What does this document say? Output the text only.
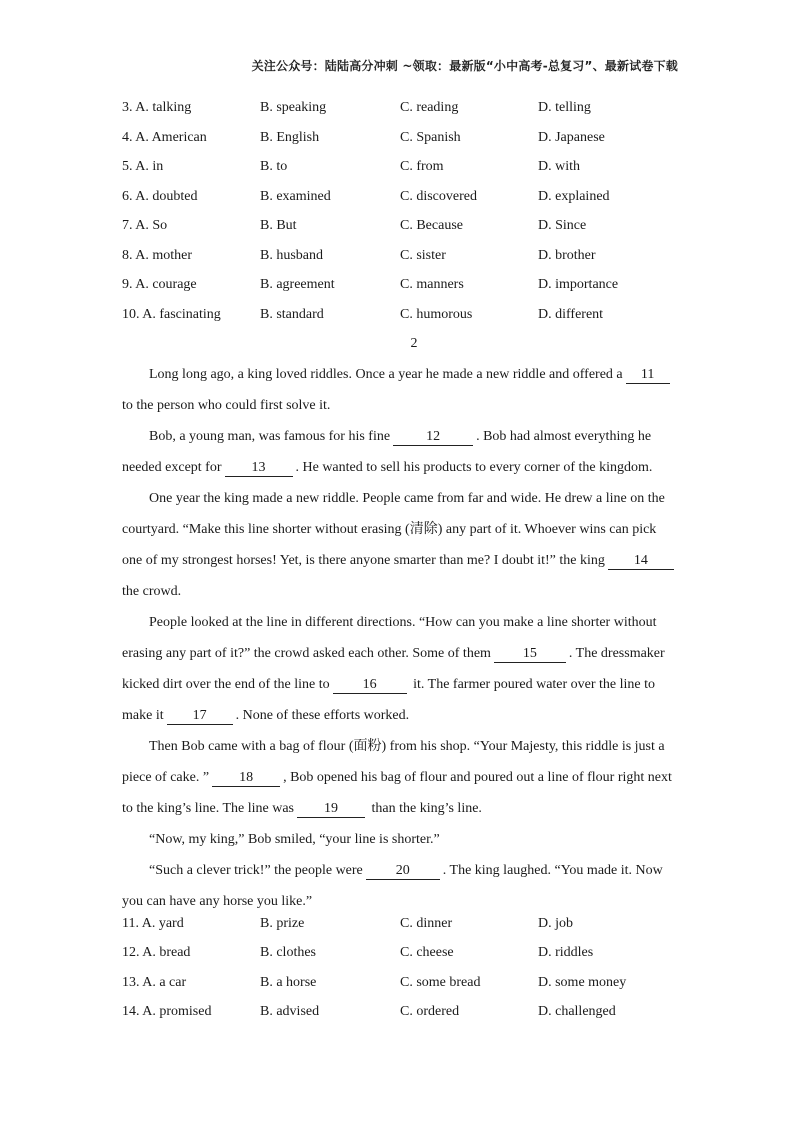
关注公众号：陆陆高分冲刺 ~领取：最新版“小中高考-总复习”、最新试卷下载
3. A. talking	B. speaking	C. reading	D. telling
4. A. American	B. English	C. Spanish	D. Japanese
5. A. in	B. to	C. from	D. with
6. A. doubted	B. examined	C. discovered	D. explained
7. A. So	B. But	C. Because	D. Since
8. A. mother	B. husband	C. sister	D. brother
9. A. courage	B. agreement	C. manners	D. importance
10. A. fascinating	B. standard	C. humorous	D. different
2
Long long ago, a king loved riddles. Once a year he made a new riddle and offered a 11
to the person who could first solve it.
Bob, a young man, was famous for his fine	12	. Bob had almost everything he
needed except for 13 . He wanted to sell his products to every corner of the kingdom.
One year the king made a new riddle. People came from far and wide. He drew a line on the
courtyard. “Make this line shorter without erasing (清除) any part of it. Whoever wins can pick
one of my strongest horses! Yet, is there anyone smarter than me? I doubt it!” the king 14
the crowd.
People looked at the line in different directions. “How can you make a line shorter without
erasing any part of it?” the crowd asked each other. Some of them 15 . The dressmaker
kicked dirt over the end of the line to 16	it. The farmer poured water over the line to
make it 17 . None of these efforts worked.
Then Bob came with a bag of flour (面粉) from his shop. “Your Majesty, this riddle is just a
piece of cake. ” 18 , Bob opened his bag of flour and poured out a line of flour right next
to the king’s line. The line was 19 than the king’s line.
“Now, my king,” Bob smiled, “your line is shorter.”
“Such a clever trick!” the people were 20 . The king laughed. “You made it. Now
you can have any horse you like.”
11. A. yard	B. prize	C. dinner	D. job
12. A. bread	B. clothes	C. cheese	D. riddles
13. A. a car	B. a horse	C. some bread	D. some money
14. A. promised	B. advised	C. ordered	D. challenged
